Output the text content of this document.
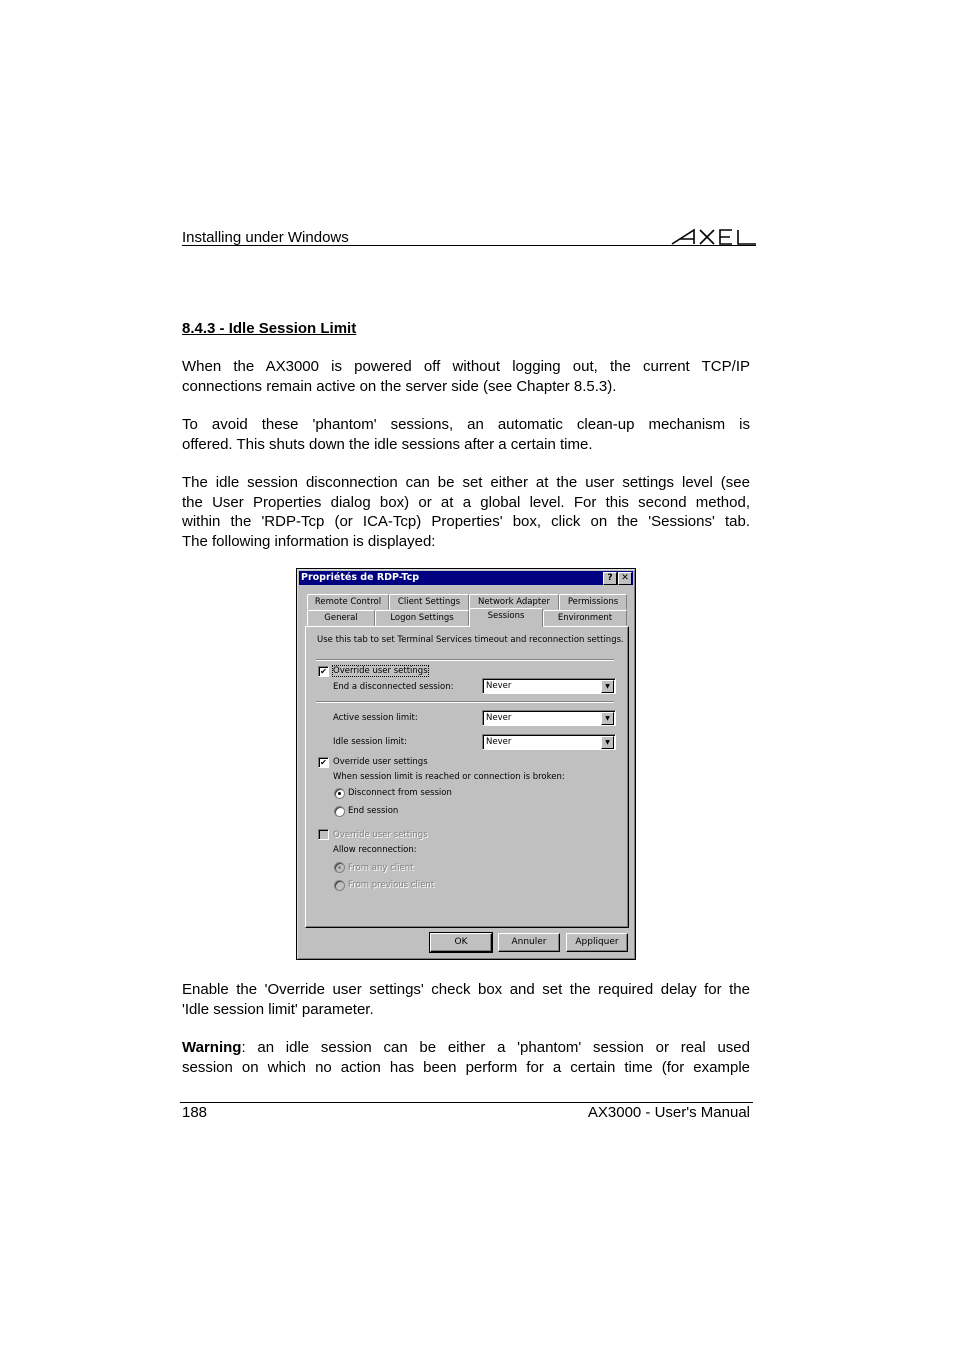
Installing under Windows
8.4.3 - Idle Session Limit
When the AX3000 is powered off without logging out, the current TCP/IP
connections remain active on the server side (see Chapter 8.5.3).
To avoid these 'phantom' sessions, an automatic clean-up mechanism is
offered. This shuts down the idle sessions after a certain time.
The idle session disconnection can be set either at the user settings level (see
the User Properties dialog box) or at a global level. For this second method,
within the 'RDP-Tcp (or ICA-Tcp) Properties' box, click on the 'Sessions' tab.
The following information is displayed:
Propriétés de RDP-Tcp	? ✕
Remote Control	Client Settings	Network Adapter	Permissions
General	Logon Settings	Sessions	Environment
Use this tab to set Terminal Services timeout and reconnection settings.
✔ Override user settings
End a disconnected session:	Never	▼
Active session limit:	Never	▼
Idle session limit:	Never	▼
✔ Override user settings
When session limit is reached or connection is broken:
Disconnect from session
End session
Override user settings
Allow reconnection:
From any client
From previous client
OK	Annuler	Appliquer
Enable the 'Override user settings' check box and set the required delay for the
'Idle session limit' parameter.
Warning: an idle session can be either a 'phantom' session or real used
session on which no action has been perform for a certain time (for example
188	AX3000 - User's Manual
